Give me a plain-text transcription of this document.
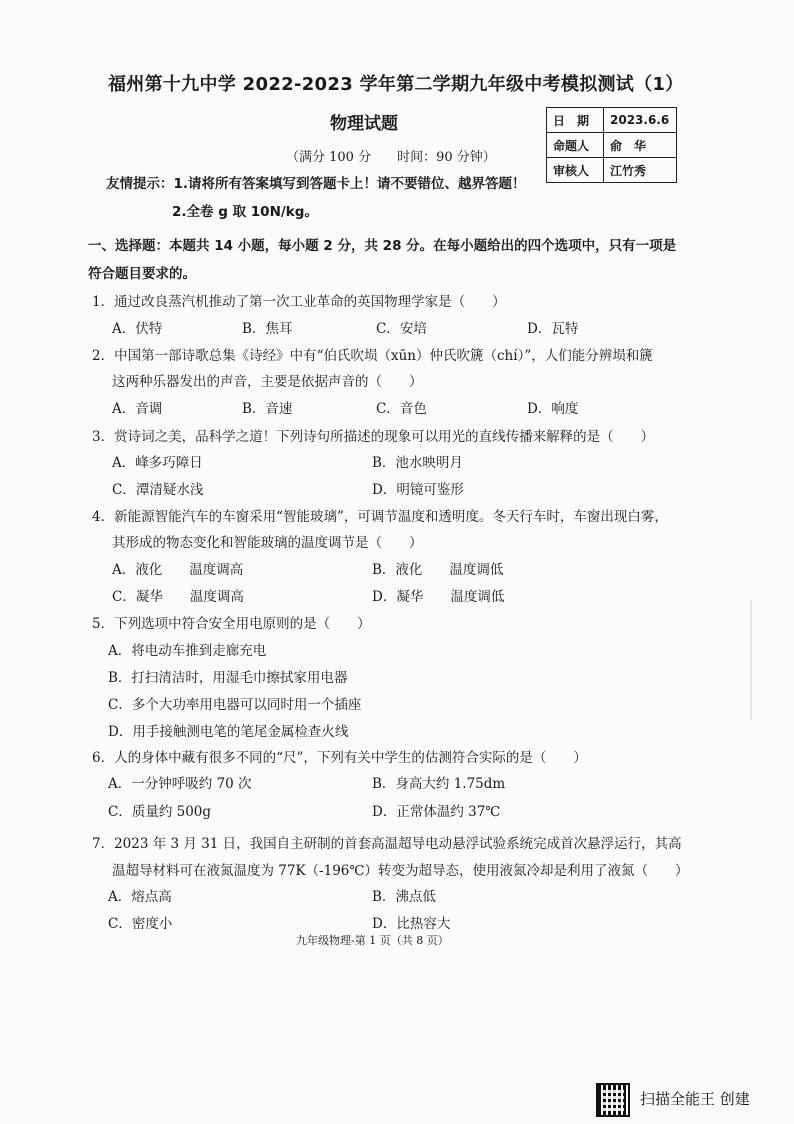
福州第十九中学 2022-2023 学年第二学期九年级中考模拟测试（1）
物理试题
（满分 100 分　　时间：90 分钟）
日　期	2023.6.6
命题人	俞　华
审核人	江竹秀
友情提示：1.请将所有答案填写到答题卡上！请不要错位、越界答题！
2.全卷 g 取 10N/kg。
一、选择题：本题共 14 小题，每小题 2 分，共 28 分。在每小题给出的四个选项中，只有一项是
符合题目要求的。
1．通过改良蒸汽机推动了第一次工业革命的英国物理学家是（　　）
A．伏特	B．焦耳	C．安培	D．瓦特
2．中国第一部诗歌总集《诗经》中有“伯氏吹埙（xūn）仲氏吹篪（chí）”，人们能分辨埙和篪
这两种乐器发出的声音，主要是依据声音的（　　）
A．音调	B．音速	C．音色	D．响度
3．赏诗词之美，品科学之道！下列诗句所描述的现象可以用光的直线传播来解释的是（　　）
A．峰多巧障日	B．池水映明月
C．潭清疑水浅	D．明镜可鉴形
4．新能源智能汽车的车窗采用“智能玻璃”，可调节温度和透明度。冬天行车时，车窗出现白雾，
其形成的物态变化和智能玻璃的温度调节是（　　）
A．液化　　温度调高	B．液化　　温度调低
C．凝华　　温度调高	D．凝华　　温度调低
5．下列选项中符合安全用电原则的是（　　）
A．将电动车推到走廊充电
B．打扫清洁时，用湿毛巾擦拭家用电器
C．多个大功率用电器可以同时用一个插座
D．用手接触测电笔的笔尾金属检查火线
6．人的身体中藏有很多不同的“尺”，下列有关中学生的估测符合实际的是（　　）
A．一分钟呼吸约 70 次	B．身高大约 1.75dm
C．质量约 500g	D．正常体温约 37℃
7．2023 年 3 月 31 日，我国自主研制的首套高温超导电动悬浮试验系统完成首次悬浮运行，其高
温超导材料可在液氮温度为 77K（-196℃）转变为超导态，使用液氮冷却是利用了液氮（　　）
A．熔点高	B．沸点低
C．密度小	D．比热容大
九年级物理-第 1 页（共 8 页）
扫描全能王 创建
